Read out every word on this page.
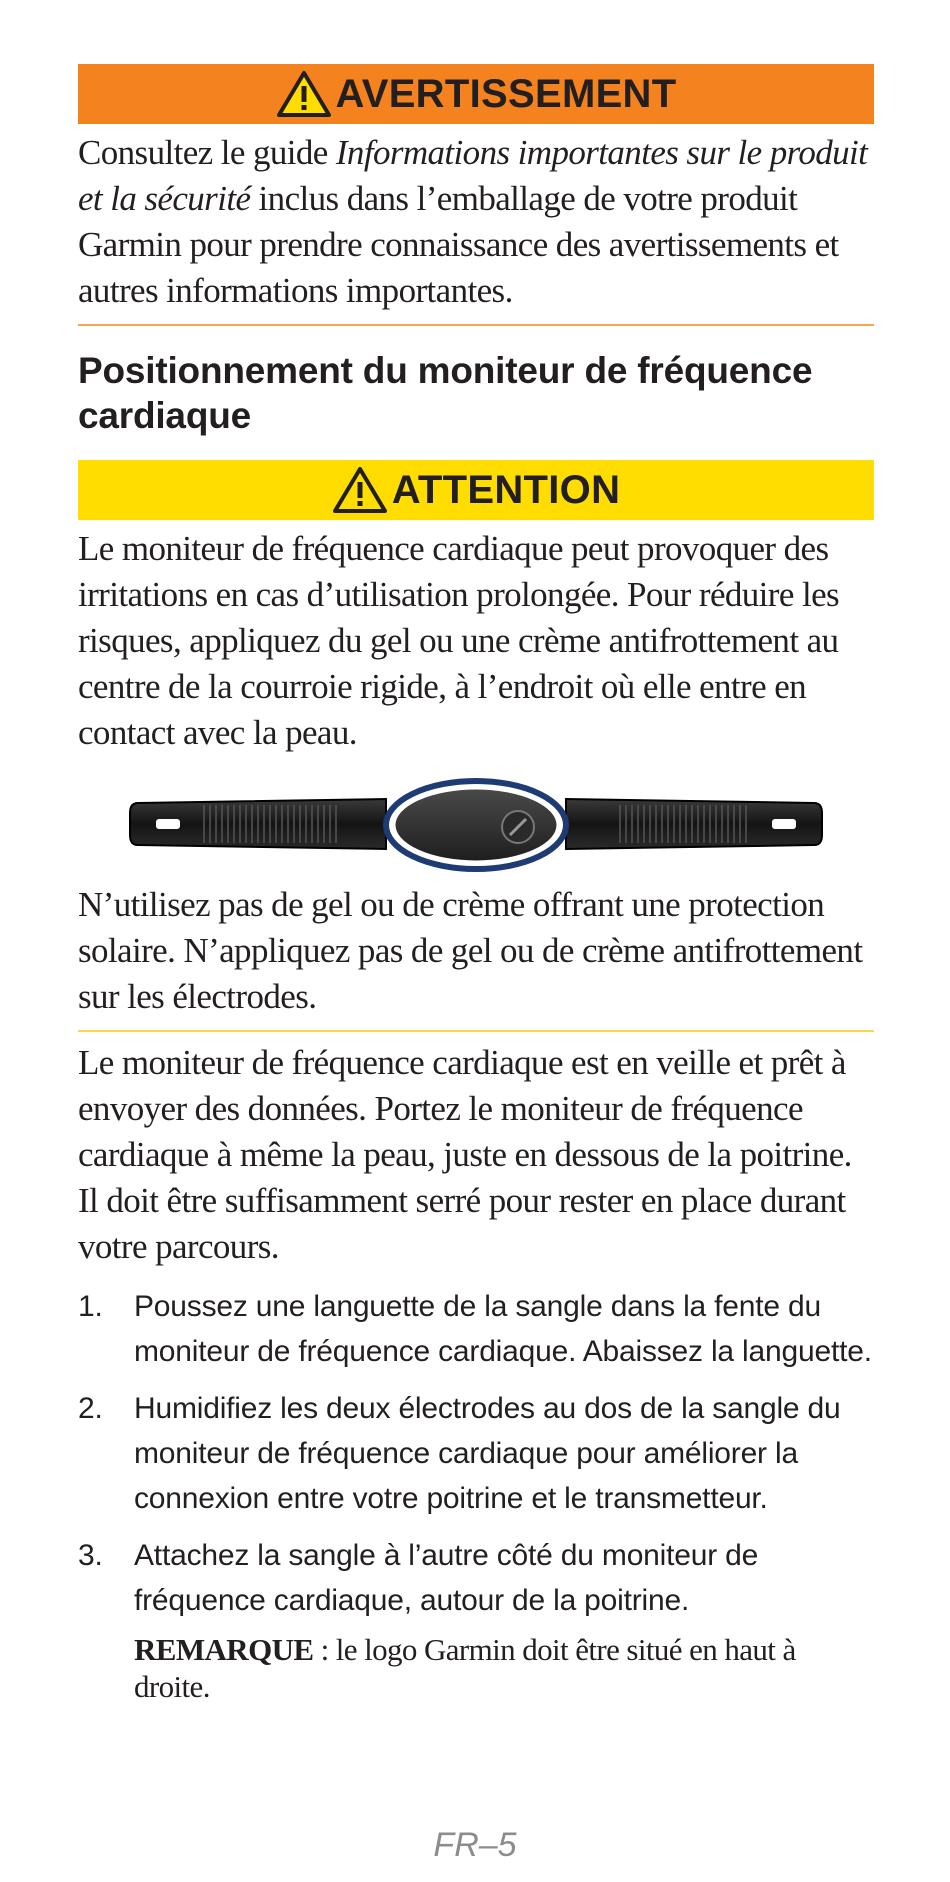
AVERTISSEMENT

Consultez le guide Informations importantes sur le produit et la sécurité inclus dans l’emballage de votre produit Garmin pour prendre connaissance des avertissements et autres informations importantes.

Positionnement du moniteur de fréquence cardiaque
ATTENTION

Le moniteur de fréquence cardiaque peut provoquer des irritations en cas d’utilisation prolongée. Pour réduire les risques, appliquez du gel ou une crème antifrottement au centre de la courroie rigide, à l’endroit où elle entre en contact avec la peau.

N’utilisez pas de gel ou de crème offrant une protection solaire. N’appliquez pas de gel ou de crème antifrottement sur les électrodes.

Le moniteur de fréquence cardiaque est en veille et prêt à envoyer des données. Portez le moniteur de fréquence cardiaque à même la peau, juste en dessous de la poitrine. Il doit être suffisamment serré pour rester en place durant votre parcours.

1.	Poussez une languette de la sangle dans la fente du moniteur de fréquence cardiaque. Abaissez la languette.
2.	Humidifiez les deux électrodes au dos de la sangle du moniteur de fréquence cardiaque pour améliorer la connexion entre votre poitrine et le transmetteur.
3.	Attachez la sangle à l’autre côté du moniteur de fréquence cardiaque, autour de la poitrine.
REMARQUE : le logo Garmin doit être situé en haut à droite.
FR–5
